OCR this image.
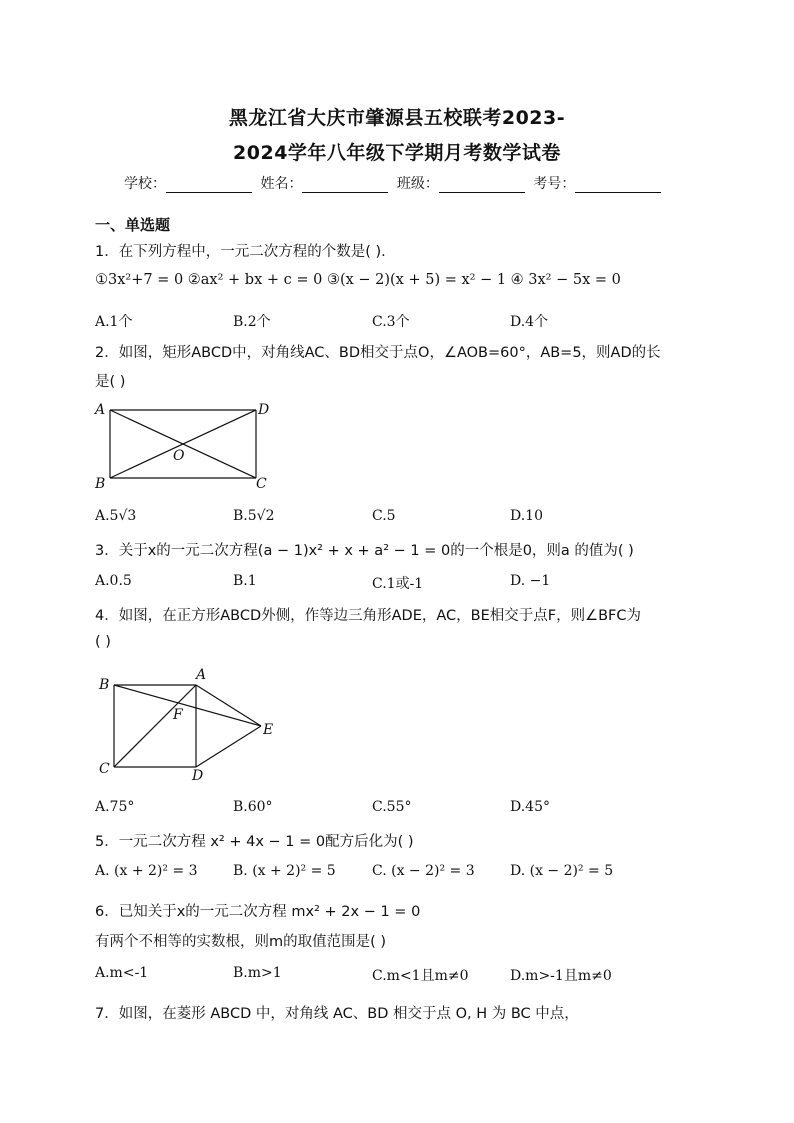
黑龙江省大庆市肇源县五校联考2023-
2024学年八年级下学期月考数学试卷
学校：	姓名：	班级：	考号：
一、单选题
1．在下列方程中，一元二次方程的个数是( ).
①3x²+7 = 0 ②ax² + bx + c = 0 ③(x − 2)(x + 5) = x² − 1 ④ 3x² − 5x = 0
A.1个	B.2个	C.3个	D.4个
2．如图，矩形ABCD中，对角线AC、BD相交于点O，∠AOB=60°，AB=5，则AD的长
是( )
A	D
B	C
O
A.5√3	B.5√2	C.5	D.10
3．关于x的一元二次方程(a − 1)x² + x + a² − 1 = 0的一个根是0，则a 的值为( )
A.0.5	B.1	C.1或-1	D. −1
4．如图，在正方形ABCD外侧，作等边三角形ADE，AC，BE相交于点F，则∠BFC为
( )
B
A
F
E
C	D
A.75°	B.60°	C.55°	D.45°
5．一元二次方程 x² + 4x − 1 = 0配方后化为( )
A. (x + 2)² = 3	B. (x + 2)² = 5	C. (x − 2)² = 3	D. (x − 2)² = 5
6．已知关于x的一元二次方程 mx² + 2x − 1 = 0
有两个不相等的实数根，则m的取值范围是( )
A.m<-1	B.m>1	C.m<1且m≠0	D.m>-1且m≠0
7．如图，在菱形 ABCD 中，对角线 AC、BD 相交于点 O, H 为 BC 中点，
